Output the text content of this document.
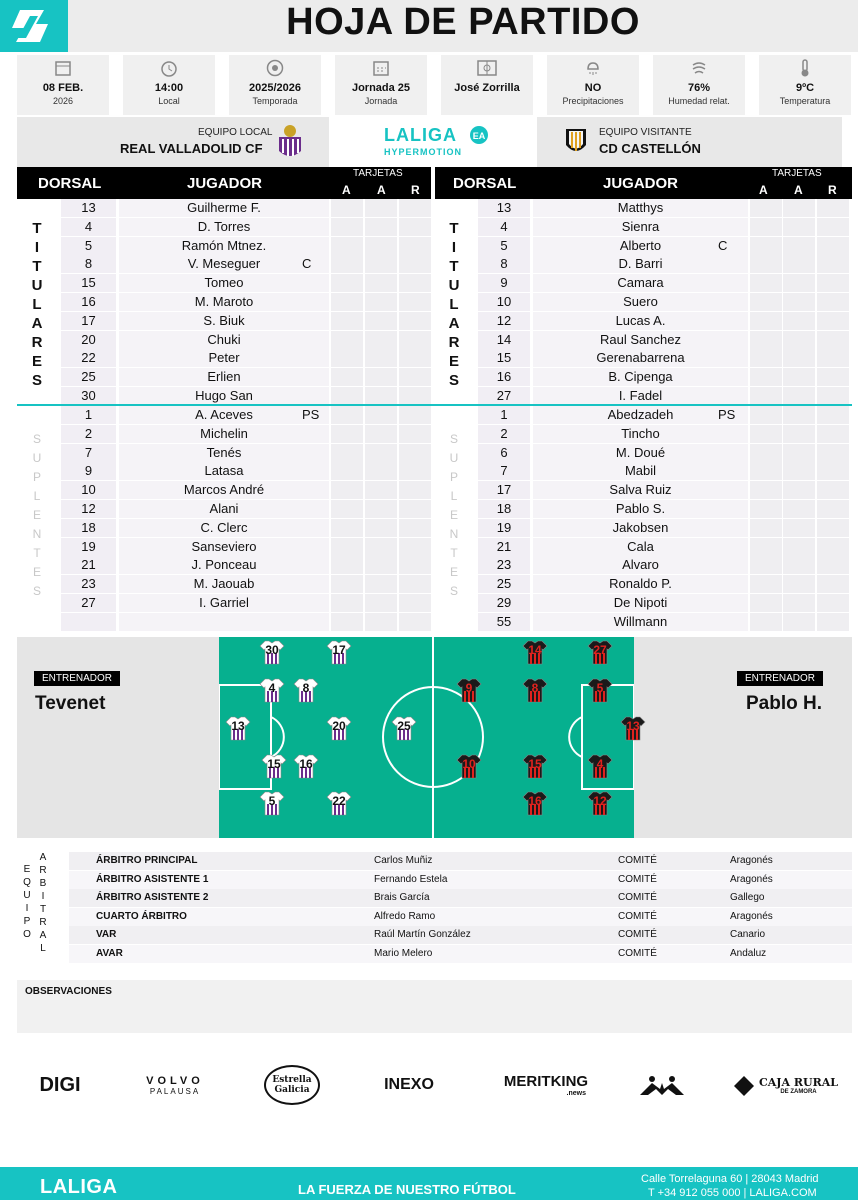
HOJA DE PARTIDO
08 FEB.
2026
14:00
Local
2025/2026
Temporada
Jornada 25
Jornada
José Zorrilla	NO
Precipitaciones
76%
Humedad relat.
9ºC
Temperatura
EQUIPO LOCAL
REAL VALLADOLID CF
LALIGA
HYPERMOTION
EA	EQUIPO VISITANTE
CD CASTELLÓN
DORSAL	JUGADOR
TARJETAS
A A R DORSAL	JUGADOR
TARJETAS
A A R
T
I
T
U
L
A
R
E
S
S
U
P
L
E
N
T
E
S
13	Guilherme F.
4	D. Torres
5	Ramón Mtnez.
8	V. Meseguer	C
15	Tomeo
16	M. Maroto
17	S. Biuk
20	Chuki
22	Peter
25	Erlien
30	Hugo San
1	A. Aceves	PS
2	Michelin
7	Tenés
9	Latasa
10	Marcos André
12	Alani
18	C. Clerc
19	Sanseviero
21	J. Ponceau
23	M. Jaouab
27	I. Garriel
T
I
T
U
L
A
R
E
S
S
U
P
L
E
N
T
E
S
13	Matthys
4	Sienra
5	Alberto	C
8	D. Barri
9	Camara
10	Suero
12	Lucas A.
14	Raul Sanchez
15	Gerenabarrena
16	B. Cipenga
27	I. Fadel
1	Abedzadeh	PS
2	Tincho
6	M. Doué
7	Mabil
17	Salva Ruiz
18	Pablo S.
19	Jakobsen
21	Cala
23	Alvaro
25	Ronaldo P.
29	De Nipoti
55	Willmann
ENTRENADOR
Tevenet
ENTRENADOR
Pablo H.
30	17
4	8
13	20	25
15	16
5	22
14	27
9	8	5
13
10	15	4
16	12
E
Q
U
I
P
O
A
R
B
I
T
R
A
L
ÁRBITRO PRINCIPAL	Carlos Muñiz	COMITÉ	Aragonés
ÁRBITRO ASISTENTE 1	Fernando Estela	COMITÉ	Aragonés
ÁRBITRO ASISTENTE 2	Brais García	COMITÉ	Gallego
CUARTO ÁRBITRO	Alfredo Ramo	COMITÉ	Aragonés
VAR	Raúl Martín González	COMITÉ	Canario
AVAR	Mario Melero	COMITÉ	Andaluz
OBSERVACIONES
DIGI	VOLVO
PALAUSA
Estrella Galicia	INEXO	MERITKING
.news
CAJA RURAL
DE ZAMORA
LALIGA	LA FUERZA DE NUESTRO FÚTBOL
Calle Torrelaguna 60 | 28043 Madrid
T +34 912 055 000 | LALIGA.COM
